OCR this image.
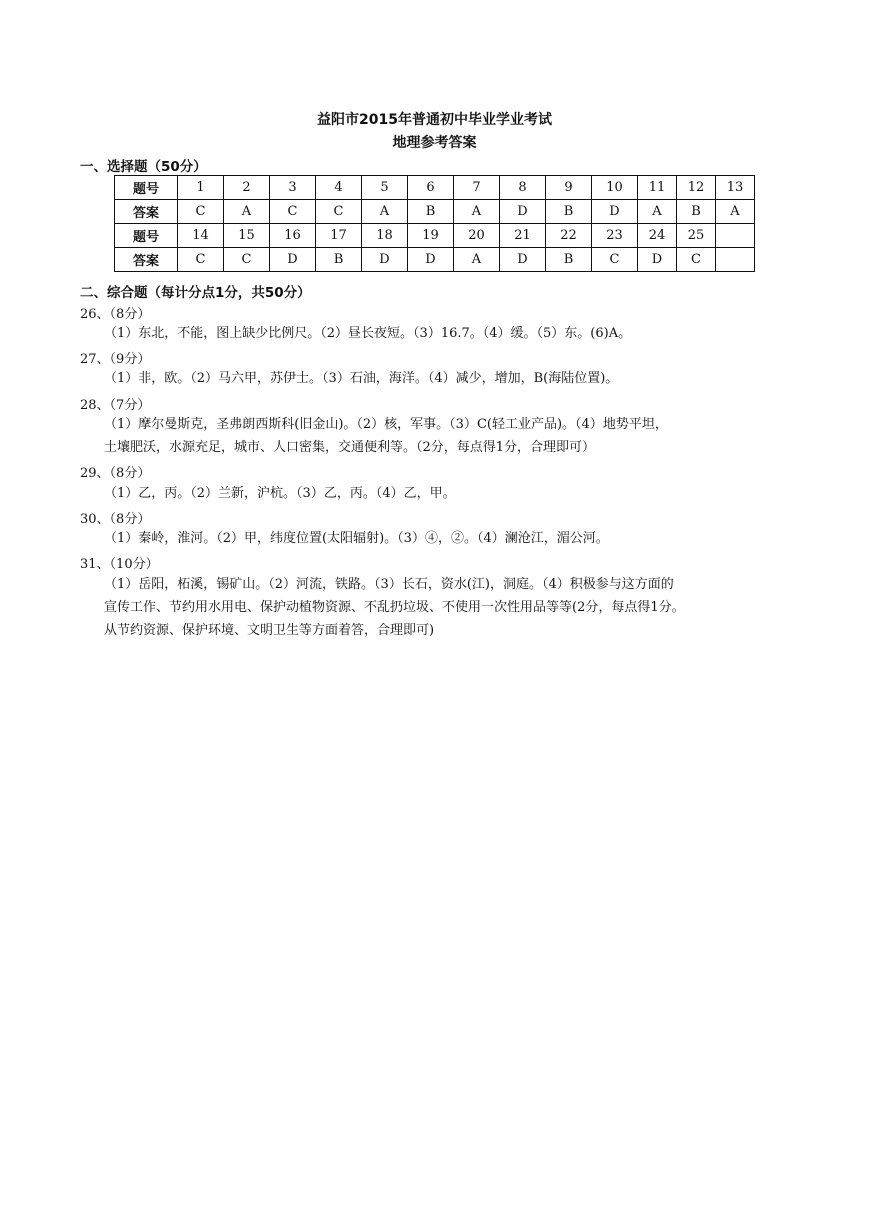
益阳市2015年普通初中毕业学业考试
地理参考答案
一、选择题（50分）
题号	1	2	3	4	5	6	7	8	9	10	11	12	13
答案	C	A	C	C	A	B	A	D	B	D	A	B	A
题号	14	15	16	17	18	19	20	21	22	23	24	25	
答案	C	C	D	B	D	D	A	D	B	C	D	C	
二、综合题（每计分点1分，共50分）
26、（8分）
（1）东北，不能，图上缺少比例尺。（2）昼长夜短。（3）16.7。（4）缓。（5）东。(6)A。
27、（9分）
（1）非，欧。（2）马六甲，苏伊士。（3）石油，海洋。（4）减少，增加，B(海陆位置)。
28、（7分）
（1）摩尔曼斯克，圣弗朗西斯科(旧金山)。（2）核，军事。（3）C(轻工业产品)。（4）地势平坦，
土壤肥沃，水源充足，城市、人口密集，交通便利等。（2分，每点得1分，合理即可）
29、（8分）
（1）乙，丙。（2）兰新，沪杭。（3）乙，丙。（4）乙，甲。
30、（8分）
（1）秦岭，淮河。（2）甲，纬度位置(太阳辐射)。（3）④，②。（4）澜沧江，湄公河。
31、（10分）
（1）岳阳，柘溪，锡矿山。（2）河流，铁路。（3）长石，资水(江)，洞庭。（4）积极参与这方面的
宣传工作、节约用水用电、保护动植物资源、不乱扔垃圾、不使用一次性用品等等(2分，每点得1分。
从节约资源、保护环境、文明卫生等方面着答，合理即可)
